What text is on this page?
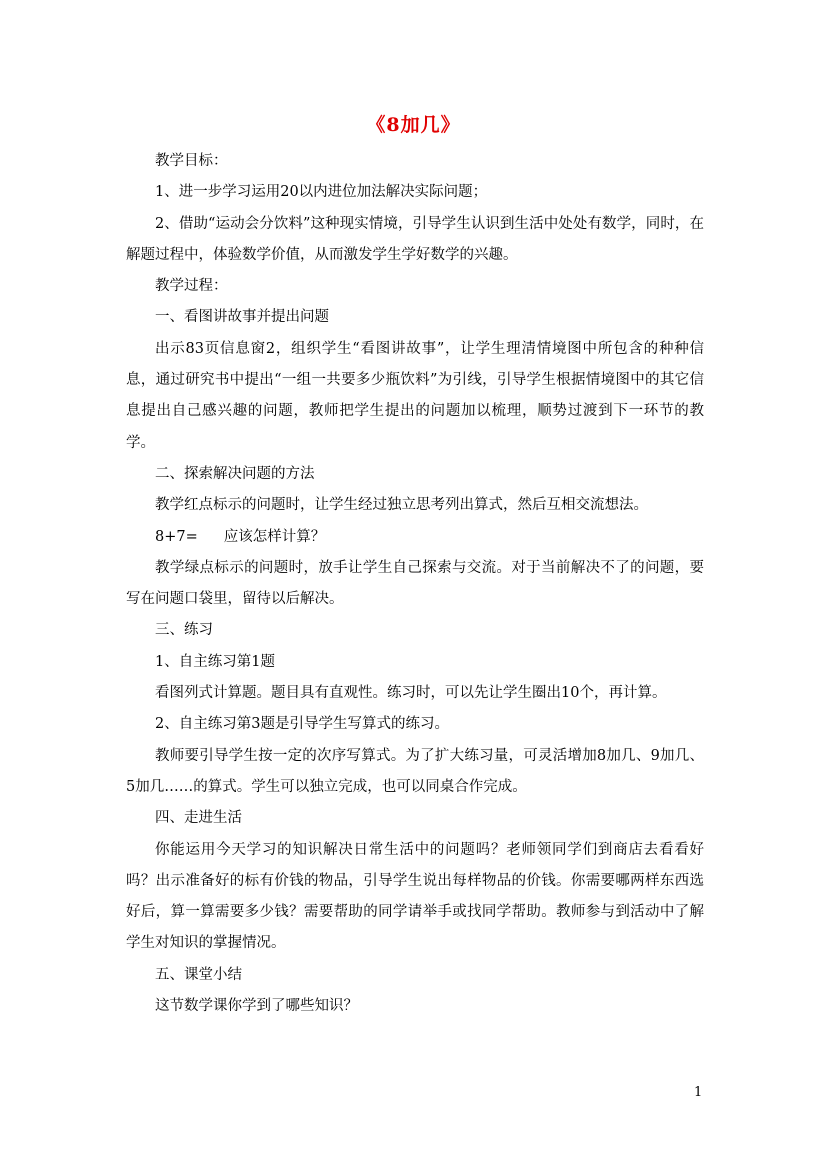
《8加几》

教学目标：

1、进一步学习运用20以内进位加法解决实际问题；

2、借助“运动会分饮料”这种现实情境，引导学生认识到生活中处处有数学，同时，在解题过程中，体验数学价值，从而激发学生学好数学的兴趣。

教学过程：

一、看图讲故事并提出问题

出示83页信息窗2，组织学生“看图讲故事”，让学生理清情境图中所包含的种种信息，通过研究书中提出“一组一共要多少瓶饮料”为引线，引导学生根据情境图中的其它信息提出自己感兴趣的问题，教师把学生提出的问题加以梳理，顺势过渡到下一环节的教学。

二、探索解决问题的方法

教学红点标示的问题时，让学生经过独立思考列出算式，然后互相交流想法。

8+7= 应该怎样计算？

教学绿点标示的问题时，放手让学生自己探索与交流。对于当前解决不了的问题，要写在问题口袋里，留待以后解决。

三、练习

1、自主练习第1题

看图列式计算题。题目具有直观性。练习时，可以先让学生圈出10个，再计算。

2、自主练习第3题是引导学生写算式的练习。

教师要引导学生按一定的次序写算式。为了扩大练习量，可灵活增加8加几、9加几、5加几……的算式。学生可以独立完成，也可以同桌合作完成。

四、走进生活

你能运用今天学习的知识解决日常生活中的问题吗？老师领同学们到商店去看看好吗？出示准备好的标有价钱的物品，引导学生说出每样物品的价钱。你需要哪两样东西选好后，算一算需要多少钱？需要帮助的同学请举手或找同学帮助。教师参与到活动中了解学生对知识的掌握情况。

五、课堂小结

这节数学课你学到了哪些知识？

1
